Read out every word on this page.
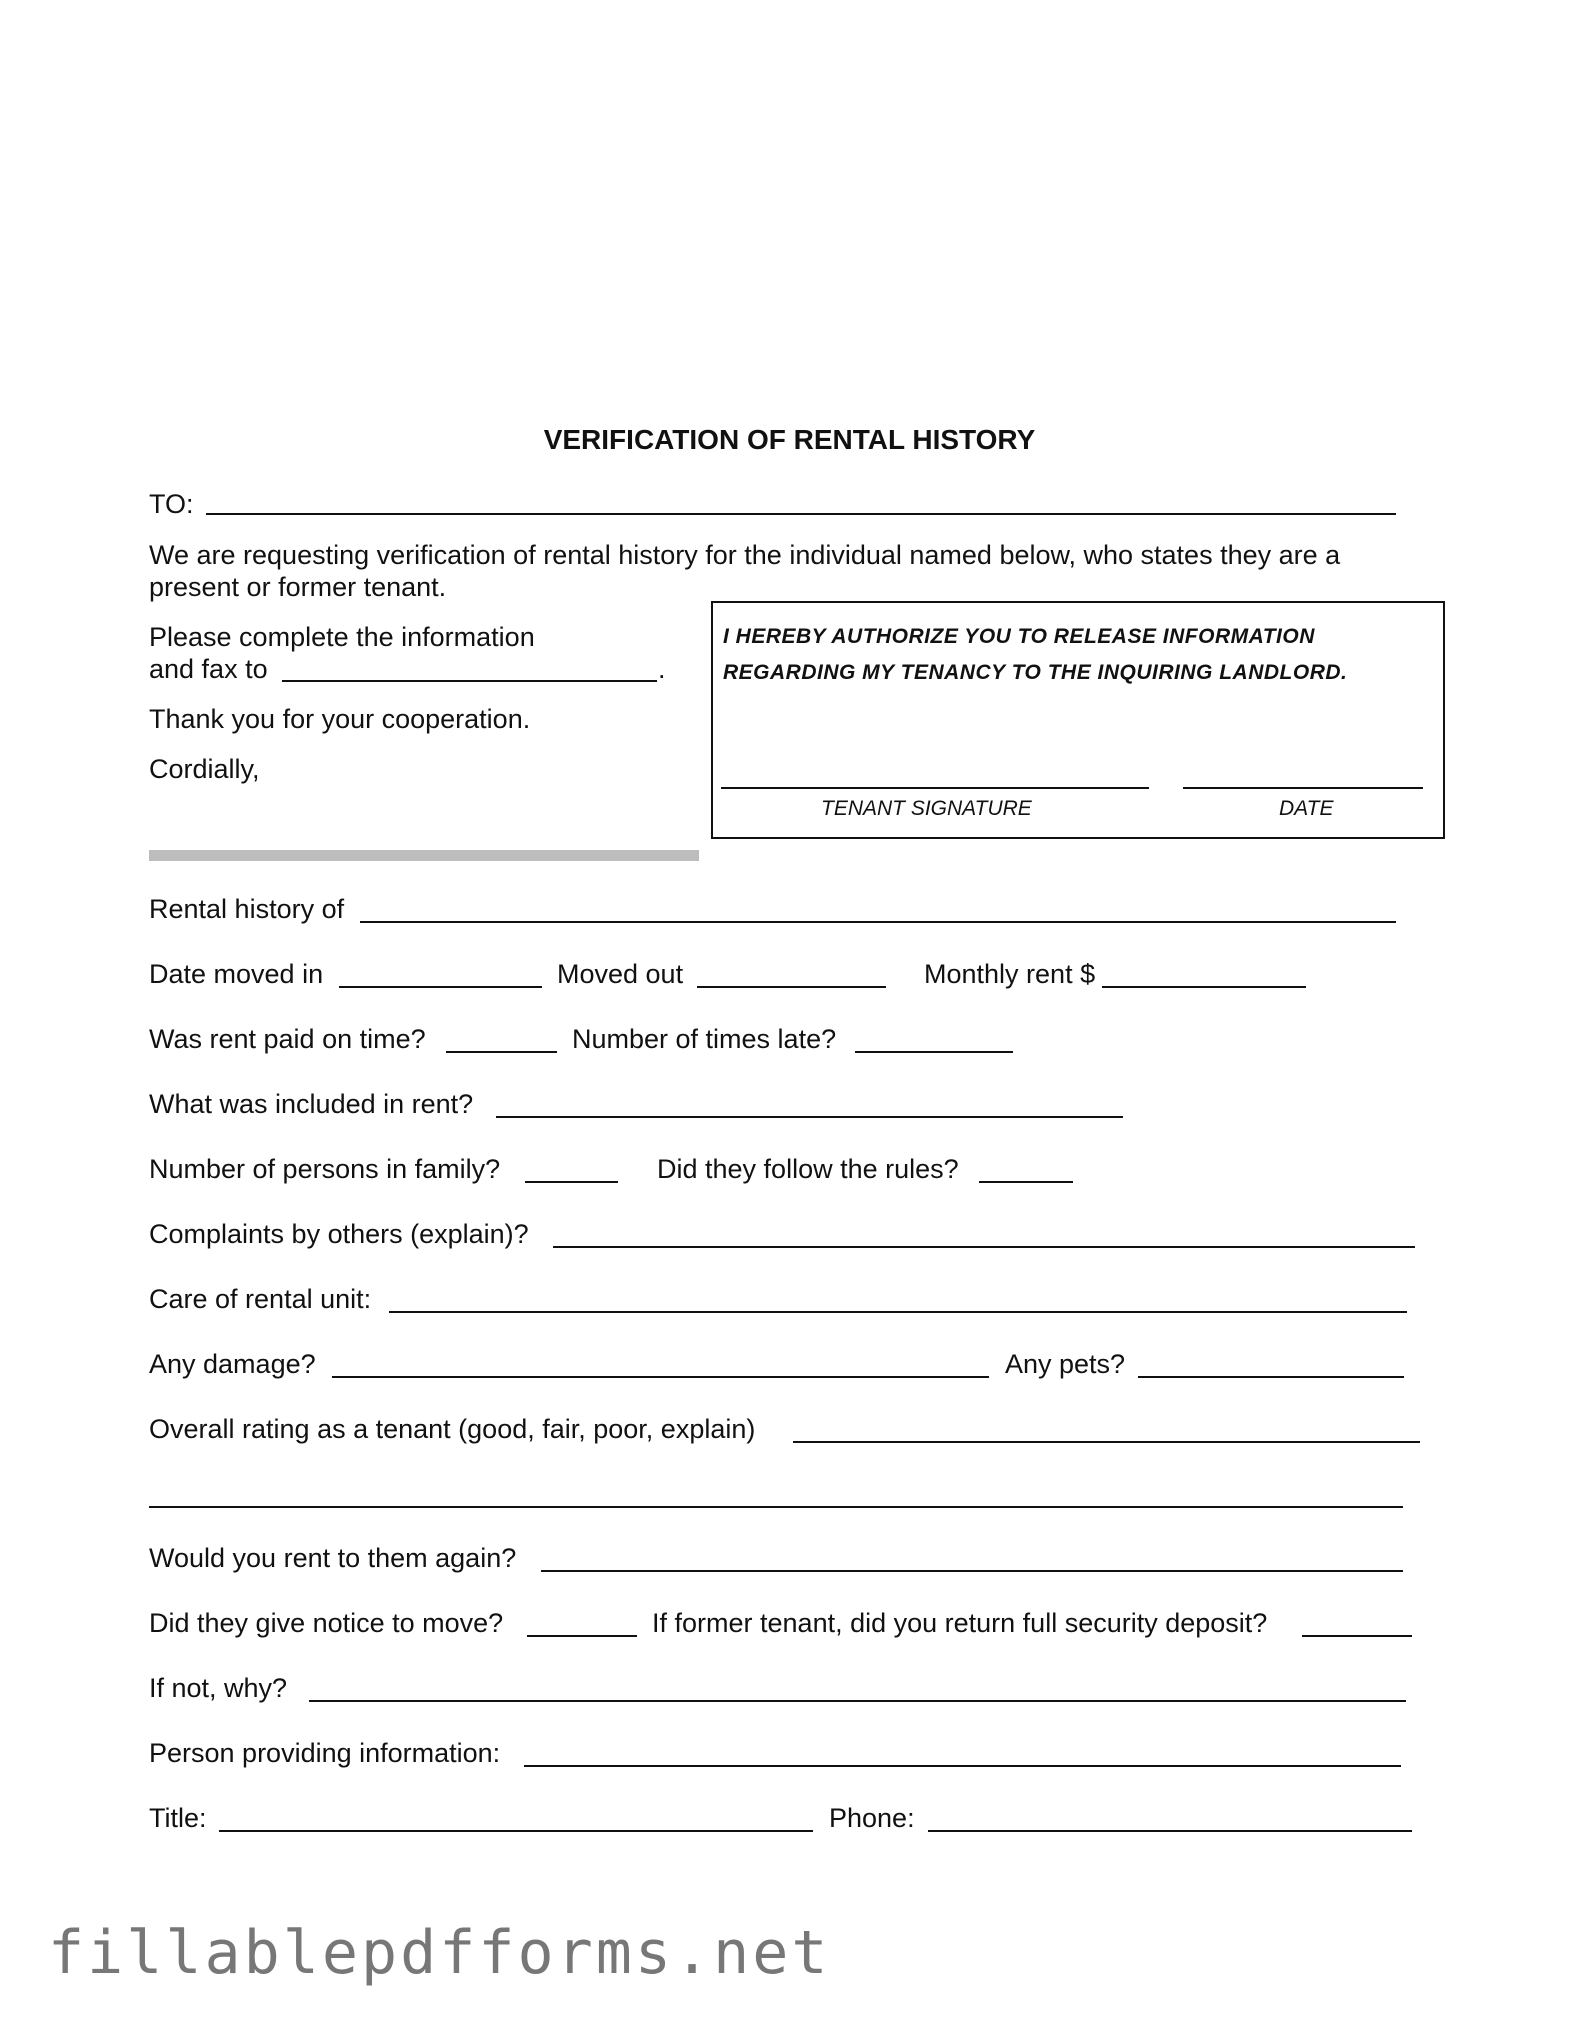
VERIFICATION OF RENTAL HISTORY
TO:
We are requesting verification of rental history for the individual named below, who states they are a
present or former tenant.
Please complete the information
and fax to	.
Thank you for your cooperation.
Cordially,
I HEREBY AUTHORIZE YOU TO RELEASE INFORMATION
REGARDING MY TENANCY TO THE INQUIRING LANDLORD.
TENANT SIGNATURE	DATE
Rental history of
Date moved in	Moved out	Monthly rent $
Was rent paid on time?	Number of times late?
What was included in rent?
Number of persons in family?	Did they follow the rules?
Complaints by others (explain)?
Care of rental unit:
Any damage?	Any pets?
Overall rating as a tenant (good, fair, poor, explain)
Would you rent to them again?
Did they give notice to move?	If former tenant, did you return full security deposit?
If not, why?
Person providing information:
Title:	Phone:
fillablepdfforms.net
